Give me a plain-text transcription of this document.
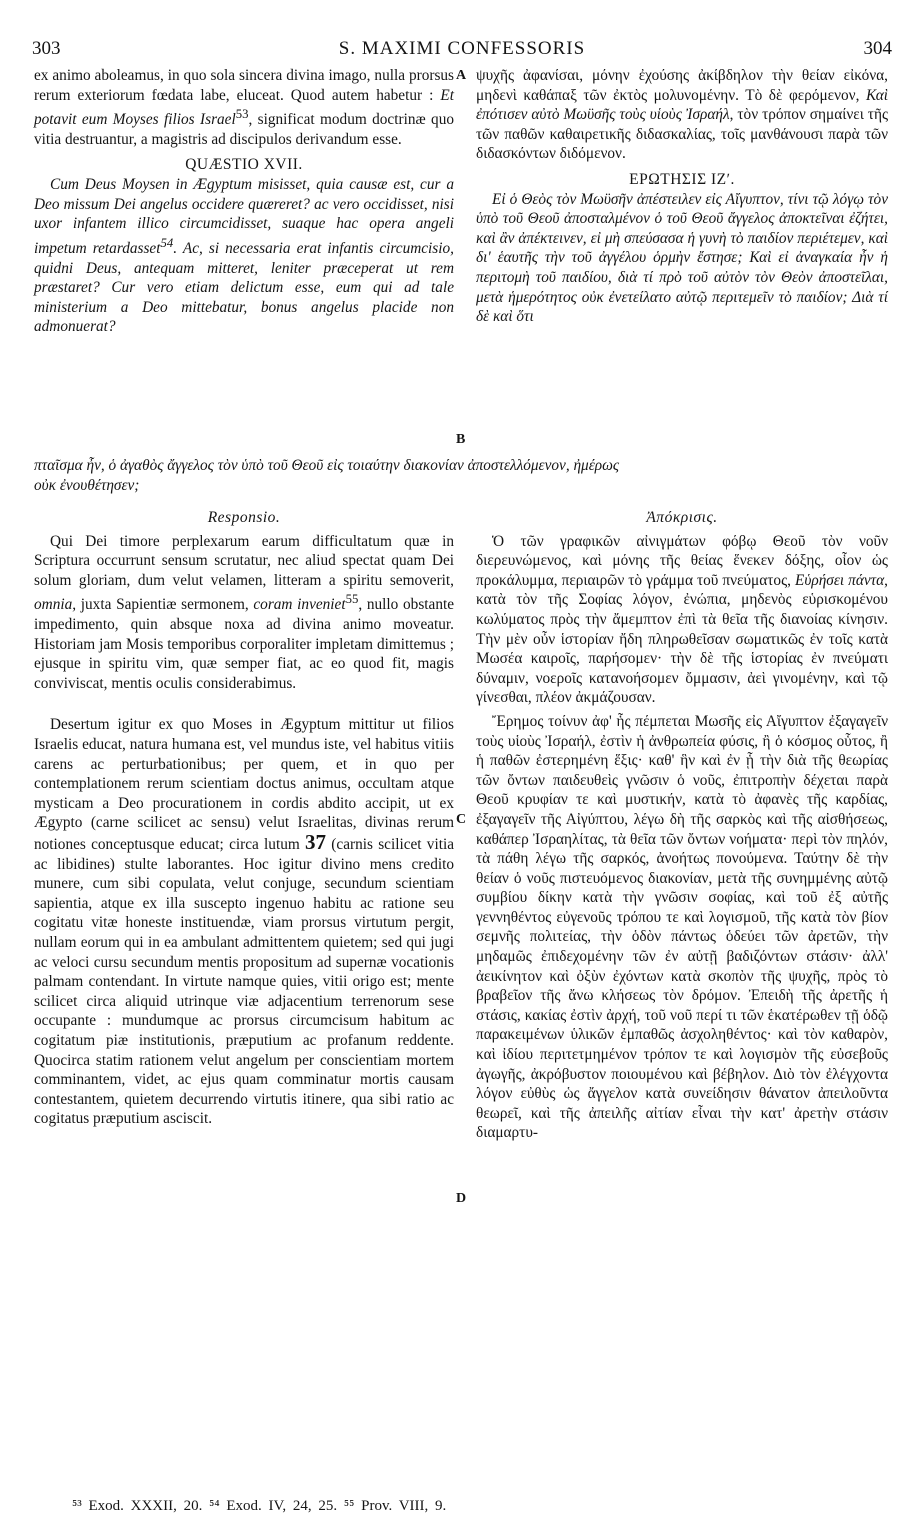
303	S. MAXIMI CONFESSORIS	304

ex animo aboleamus, in quo sola sincera divina imago, nulla prorsus rerum exteriorum fœdata labe, eluceat. Quod autem habetur : Et potavit eum Moyses filios Israel$^{53}$, significat modum doctrinæ quo vitia destruantur, a magistris ad discipulos derivandum esse.

QUÆSTIO XVII.

Cum Deus Moysen in Ægyptum misisset, quia causæ est, cur a Deo missum Dei angelus occidere quæreret? ac vero occidisset, nisi uxor infantem illico circumcidisset, suaque hac opera angeli impetum retardasset$^{54}$. Ac, si necessaria erat infantis circumcisio, quidni Deus, antequam mitteret, leniter præceperat ut rem præstaret? Cur vero etiam delictum esse, eum qui ad tale ministerium a Deo mittebatur, bonus angelus placide non admonuerat?

ψυχῆς ἀφανίσαι, μόνην ἐχούσης ἀκίβδηλον τὴν θείαν εἰκόνα, μηδενὶ καθάπαξ τῶν ἐκτὸς μολυνομένην. Τὸ δὲ φερόμενον, Καὶ ἐπότισεν αὐτὸ Μωϋσῆς τοὺς υἱοὺς Ἰσραήλ, τὸν τρόπον σημαίνει τῆς τῶν παθῶν καθαιρετικῆς διδασκαλίας, τοῖς μανθάνουσι παρὰ τῶν διδασκόντων διδόμενον.

ΕΡΩΤΗΣΙΣ ΙΖʹ.

Εἰ ὁ Θεὸς τὸν Μωϋσῆν ἀπέστειλεν εἰς Αἴγυπτον, τίνι τῷ λόγῳ τὸν ὑπὸ τοῦ Θεοῦ ἀποσταλμένον ὁ τοῦ Θεοῦ ἄγγελος ἀποκτεῖναι ἐζήτει, καὶ ἂν ἀπέκτεινεν, εἰ μὴ σπεύσασα ἡ γυνὴ τὸ παιδίον περιέτεμεν, καὶ δι' ἑαυτῆς τὴν τοῦ ἀγγέλου ὁρμὴν ἔστησε; Καὶ εἰ ἀναγκαία ἦν ἡ περιτομὴ τοῦ παιδίου, διὰ τί πρὸ τοῦ αὐτὸν τὸν Θεὸν ἀποστεῖλαι, μετὰ ἡμερότητος οὐκ ἐνετείλατο αὐτῷ περιτεμεῖν τὸ παιδίον; Διὰ τί δὲ καὶ ὅτι

πταῖσμα ἦν, ὁ ἀγαθὸς ἄγγελος τὸν ὑπὸ τοῦ Θεοῦ εἰς τοιαύτην διακονίαν ἀποστελλόμενον, ἠμέρως
οὐκ ἐνουθέτησεν;

Responsio.

Qui Dei timore perplexarum earum difficultatum quæ in Scriptura occurrunt sensum scrutatur, nec aliud spectat quam Dei solum gloriam, dum velut velamen, litteram a spiritu semoverit, omnia, juxta Sapientiæ sermonem, coram inveniet$^{55}$, nullo obstante impedimento, quin absque noxa ad divina animo moveatur. Historiam jam Mosis temporibus corporaliter impletam dimittemus ; ejusque in spiritu vim, quæ semper fiat, ac eo quod fit, magis conviviscat, mentis oculis considerabimus.

Desertum igitur ex quo Moses in Ægyptum mittitur ut filios Israelis educat, natura humana est, vel mundus iste, vel habitus vitiis carens ac perturbationibus; per quem, et in quo per contemplationem rerum scientiam doctus animus, occultam atque mysticam a Deo procurationem in cordis abdito accipit, ut ex Ægypto (carne scilicet ac sensu) velut Israelitas, divinas rerum notiones conceptusque educat; circa lutum 37 (carnis scilicet vitia ac libidines) stulte laborantes. Hoc igitur divino mens credito munere, cum sibi copulata, velut conjuge, secundum scientiam sapientia, atque ex illa suscepto ingenuo habitu ac ratione seu cogitatu vitæ honeste instituendæ, viam prorsus virtutum pergit, nullam eorum qui in ea ambulant admittentem quietem; sed qui jugi ac veloci cursu secundum mentis propositum ad supernæ vocationis palmam contendant. In virtute namque quies, vitii origo est; mente scilicet circa aliquid utrinque viæ adjacentium terrenorum sese occupante : mundumque ac prorsus circumcisum habitum ac cogitatum piæ institutionis, præputium ac profanum reddente. Quocirca statim rationem velut angelum per conscientiam mortem comminantem, videt, ac ejus quam comminatur mortis causam contestantem, quietem decurrendo virtutis itinere, qua sibi ratio ac cogitatus præputium asciscit.

Ἀπόκρισις.

Ὁ τῶν γραφικῶν αἰνιγμάτων φόβῳ Θεοῦ τὸν νοῦν διερευνώμενος, καὶ μόνης τῆς θείας ἕνεκεν δόξης, οἷον ὡς προκάλυμμα, περιαιρῶν τὸ γράμμα τοῦ πνεύματος, Εὑρήσει πάντα, κατὰ τὸν τῆς Σοφίας λόγον, ἐνώπια, μηδενὸς εὑρισκομένου κωλύματος πρὸς τὴν ἄμεμπτον ἐπὶ τὰ θεῖα τῆς διανοίας κίνησιν. Τὴν μὲν οὖν ἱστορίαν ἤδη πληρωθεῖσαν σωματικῶς ἐν τοῖς κατὰ Μωσέα καιροῖς, παρήσομεν· τὴν δὲ τῆς ἱστορίας ἐν πνεύματι δύναμιν, νοεροῖς κατανοήσομεν ὄμμασιν, ἀεὶ γινομένην, καὶ τῷ γίνεσθαι, πλέον ἀκμάζουσαν.

Ἔρημος τοίνυν ἀφ' ἧς πέμπεται Μωσῆς εἰς Αἴγυπτον ἐξαγαγεῖν τοὺς υἱοὺς Ἰσραήλ, ἐστὶν ἡ ἀνθρωπεία φύσις, ἢ ὁ κόσμος οὗτος, ἢ ἡ παθῶν ἐστερημένη ἕξις· καθ' ἣν καὶ ἐν ᾗ τὴν διὰ τῆς θεωρίας τῶν ὄντων παιδευθεὶς γνῶσιν ὁ νοῦς, ἐπιτροπὴν δέχεται παρὰ Θεοῦ κρυφίαν τε καὶ μυστικήν, κατὰ τὸ ἀφανὲς τῆς καρδίας, ἐξαγαγεῖν τῆς Αἰγύπτου, λέγω δὴ τῆς σαρκὸς καὶ τῆς αἰσθήσεως, καθάπερ Ἰσραηλίτας, τὰ θεῖα τῶν ὄντων νοήματα· περὶ τὸν πηλόν, τὰ πάθη λέγω τῆς σαρκός, ἀνοήτως πονούμενα. Ταύτην δὲ τὴν θείαν ὁ νοῦς πιστευόμενος διακονίαν, μετὰ τῆς συνημμένης αὐτῷ συμβίου δίκην κατὰ τὴν γνῶσιν σοφίας, καὶ τοῦ ἐξ αὐτῆς γεννηθέντος εὐγενοῦς τρόπου τε καὶ λογισμοῦ, τῆς κατὰ τὸν βίον σεμνῆς πολιτείας, τὴν ὁδὸν πάντως ὁδεύει τῶν ἀρετῶν, τὴν μηδαμῶς ἐπιδεχομένην τῶν ἐν αὐτῇ βαδιζόντων στάσιν· ἀλλ' ἀεικίνητον καὶ ὀξὺν ἐχόντων κατὰ σκοπὸν τῆς ψυχῆς, πρὸς τὸ βραβεῖον τῆς ἄνω κλήσεως τὸν δρόμον. Ἐπειδὴ τῆς ἀρετῆς ἡ στάσις, κακίας ἐστὶν ἀρχή, τοῦ νοῦ περί τι τῶν ἑκατέρωθεν τῇ ὁδῷ παρακειμένων ὑλικῶν ἐμπαθῶς ἀσχοληθέντος· καὶ τὸν καθαρὸν, καὶ ἰδίου περιτετμημένον τρόπον τε καὶ λογισμὸν τῆς εὐσεβοῦς ἀγωγῆς, ἀκρόβυστον ποιουμένου καὶ βέβηλον. Διὸ τὸν ἐλέγχοντα λόγον εὐθὺς ὡς ἄγγελον κατὰ συνείδησιν θάνατον ἀπειλοῦντα θεωρεῖ, καὶ τῆς ἀπειλῆς αἰτίαν εἶναι τὴν κατ' ἀρετὴν στάσιν διαμαρτυ-

A
B
C
D
⁵³ Exod. XXXII, 20. ⁵⁴ Exod. IV, 24, 25. ⁵⁵ Prov. VIII, 9.
